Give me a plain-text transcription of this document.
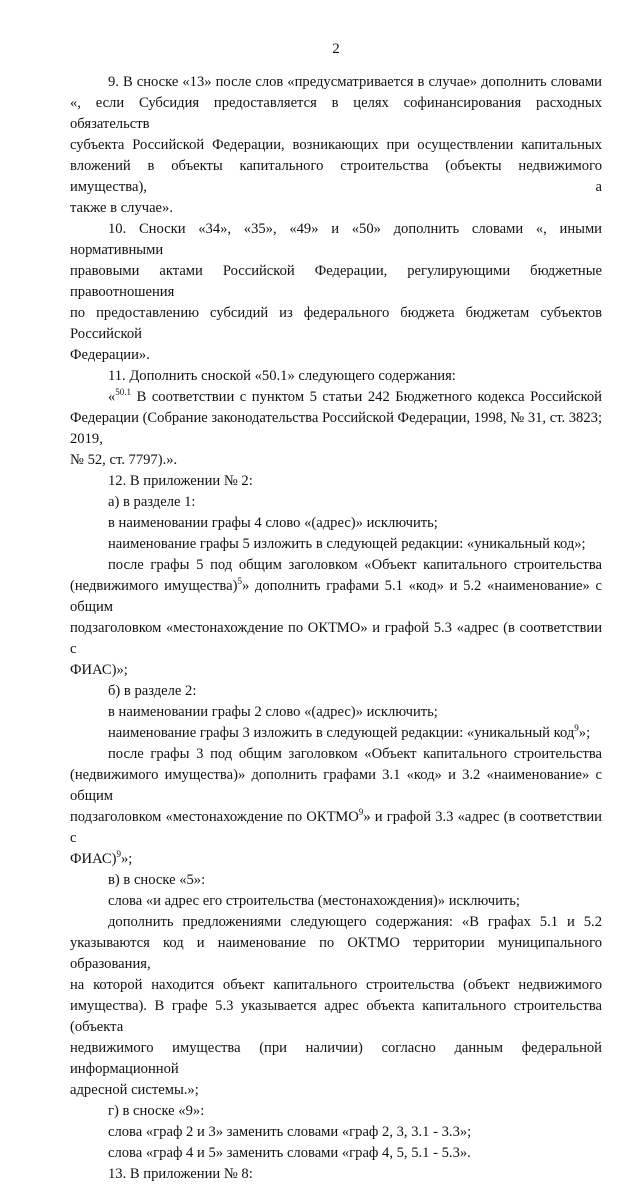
2

9. В сноске «13» после слов «предусматривается в случае» дополнить словами

«, если Субсидия предоставляется в целях софинансирования расходных обязательств

субъекта Российской Федерации, возникающих при осуществлении капитальных

вложений в объекты капитального строительства (объекты недвижимого имущества), а

также в случае».

10. Сноски «34», «35», «49» и «50» дополнить словами «, иными нормативными

правовыми актами Российской Федерации, регулирующими бюджетные правоотношения

по предоставлению субсидий из федерального бюджета бюджетам субъектов Российской

Федерации».

11. Дополнить сноской «50.1» следующего содержания:

«$^{50.1}$ В соответствии с пунктом 5 статьи 242 Бюджетного кодекса Российской

Федерации (Собрание законодательства Российской Федерации, 1998, № 31, ст. 3823; 2019,

№ 52, ст. 7797).».

12. В приложении № 2:

а) в разделе 1:

в наименовании графы 4 слово «(адрес)» исключить;

наименование графы 5 изложить в следующей редакции: «уникальный код»;

после графы 5 под общим заголовком «Объект капитального строительства

(недвижимого имущества)$^5$» дополнить графами 5.1 «код» и 5.2 «наименование» с общим

подзаголовком «местонахождение по ОКТМО» и графой 5.3 «адрес (в соответствии с

ФИАС)»;

б) в разделе 2:

в наименовании графы 2 слово «(адрес)» исключить;

наименование графы 3 изложить в следующей редакции: «уникальный код$^9$»;

после графы 3 под общим заголовком «Объект капитального строительства

(недвижимого имущества)» дополнить графами 3.1 «код» и 3.2 «наименование» с общим

подзаголовком «местонахождение по ОКТМО$^9$» и графой 3.3 «адрес (в соответствии с

ФИАС)$^9$»;

в) в сноске «5»:

слова «и адрес его строительства (местонахождения)» исключить;

дополнить предложениями следующего содержания: «В графах 5.1 и 5.2

указываются код и наименование по ОКТМО территории муниципального образования,

на которой находится объект капитального строительства (объект недвижимого

имущества). В графе 5.3 указывается адрес объекта капитального строительства (объекта

недвижимого имущества (при наличии) согласно данным федеральной информационной

адресной системы.»;

г) в сноске «9»:

слова «граф 2 и 3» заменить словами «граф 2, 3, 3.1 - 3.3»;

слова «граф 4 и 5» заменить словами «граф 4, 5, 5.1 - 5.3».

13. В приложении № 8:
